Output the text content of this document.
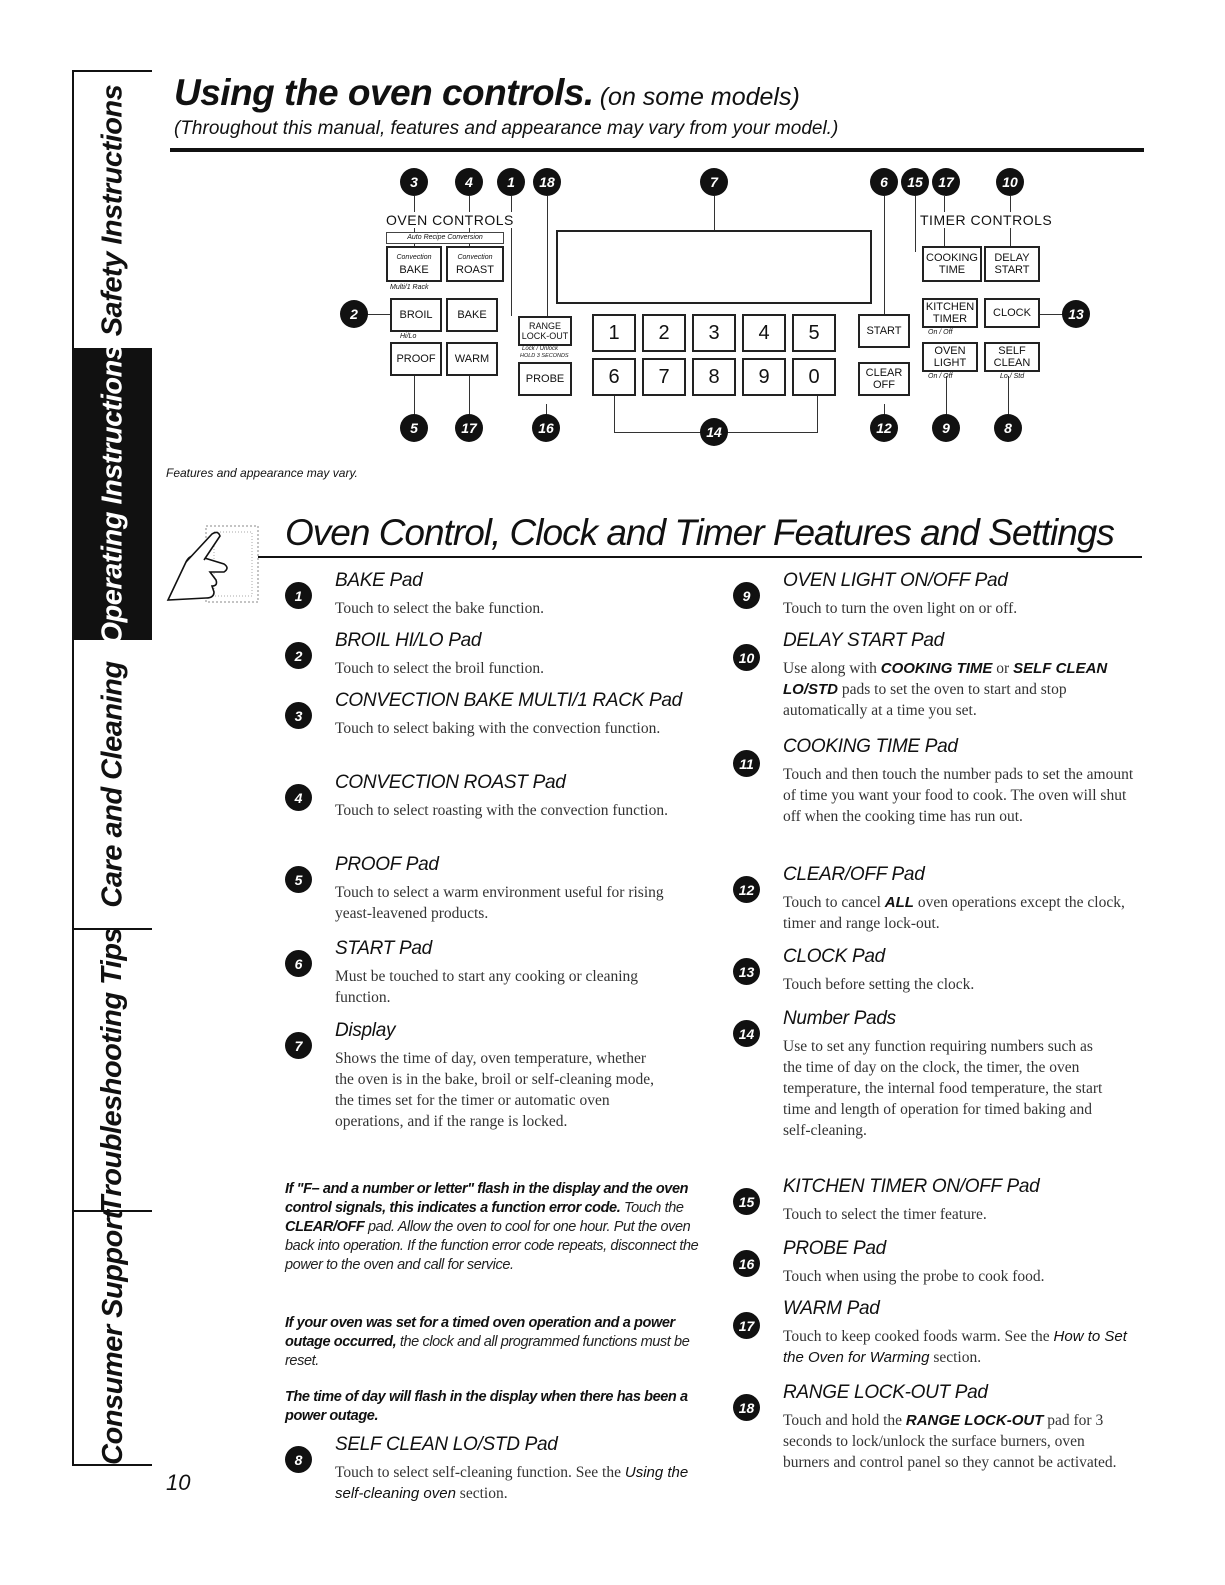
Safety Instructions
Operating Instructions
Care and Cleaning
Troubleshooting Tips
Consumer Support
Using the oven controls. (on some models)
(Throughout this manual, features and appearance may vary from your model.)
3	4	1	18	7	6	15	17	10
2	13
5	17	16	14	12	9	8
OVEN CONTROLS	TIMER CONTROLS
Auto Recipe Conversion
Convection
BAKE
Convection
ROAST
Multi/1 Rack
BROIL
Hi/Lo
BAKE
PROOF WARM
RANGE
LOCK-OUT
Lock / Unlock
HOLD 3 SECONDS
PROBE
1	2	3	4	5
6	7	8	9	0
START
CLEAR
OFF
COOKING
TIME
DELAY
START
KITCHEN
TIMER
On / Off
CLOCK
OVEN
LIGHT
On / Off
SELF
CLEAN
Lo / Std
Features and appearance may vary.
Oven Control, Clock and Timer Features and Settings
1
BAKE Pad
Touch to select the bake function.
2
BROIL HI/LO Pad
Touch to select the broil function.
3
CONVECTION BAKE MULTI/1 RACK Pad
Touch to select baking with the convection function.
4
CONVECTION ROAST Pad
Touch to select roasting with the convection function.
5
PROOF Pad
Touch to select a warm environment useful for rising yeast-leavened products.
6
START Pad
Must be touched to start any cooking or cleaning function.
7
Display
Shows the time of day, oven temperature, whether the oven is in the bake, broil or self-cleaning mode, the times set for the timer or automatic oven operations, and if the range is locked.
If "F– and a number or letter" flash in the display and the oven control signals, this indicates a function error code. Touch the CLEAR/OFF pad. Allow the oven to cool for one hour. Put the oven back into operation. If the function error code repeats, disconnect the power to the oven and call for service.
If your oven was set for a timed oven operation and a power outage occurred, the clock and all programmed functions must be reset.
The time of day will flash in the display when there has been a power outage.
8
SELF CLEAN LO/STD Pad
Touch to select self-cleaning function. See the Using the self-cleaning oven section.
9
OVEN LIGHT ON/OFF Pad
Touch to turn the oven light on or off.
10
DELAY START Pad
Use along with COOKING TIME or SELF CLEAN LO/STD pads to set the oven to start and stop automatically at a time you set.
11
COOKING TIME Pad
Touch and then touch the number pads to set the amount of time you want your food to cook. The oven will shut off when the cooking time has run out.
12
CLEAR/OFF Pad
Touch to cancel ALL oven operations except the clock, timer and range lock-out.
13
CLOCK Pad
Touch before setting the clock.
14
Number Pads
Use to set any function requiring numbers such as the time of day on the clock, the timer, the oven temperature, the internal food temperature, the start time and length of operation for timed baking and self-cleaning.
15
KITCHEN TIMER ON/OFF Pad
Touch to select the timer feature.
16
PROBE Pad
Touch when using the probe to cook food.
17
WARM Pad
Touch to keep cooked foods warm. See the How to Set the Oven for Warming section.
18
RANGE LOCK-OUT Pad
Touch and hold the RANGE LOCK-OUT pad for 3 seconds to lock/unlock the surface burners, oven burners and control panel so they cannot be activated.
10
